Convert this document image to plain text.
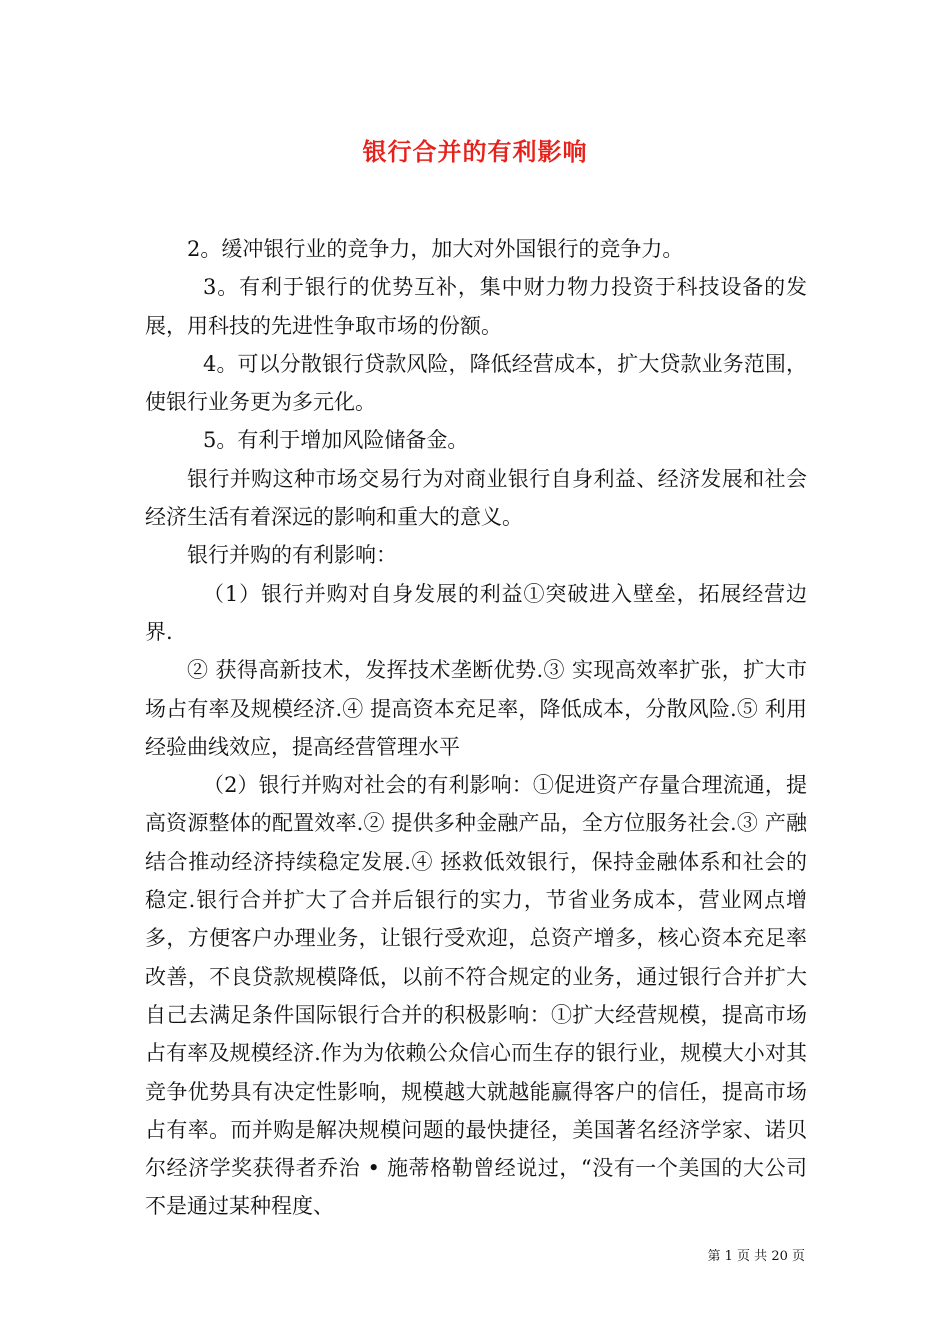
银行合并的有利影响

2。缓冲银行业的竞争力，加大对外国银行的竞争力。

3。有利于银行的优势互补，集中财力物力投资于科技设备的发展，用科技的先进性争取市场的份额。

4。可以分散银行贷款风险，降低经营成本，扩大贷款业务范围，使银行业务更为多元化。

5。有利于增加风险储备金。

银行并购这种市场交易行为对商业银行自身利益、经济发展和社会经济生活有着深远的影响和重大的意义。

银行并购的有利影响：

（1）银行并购对自身发展的利益①突破进入壁垒，拓展经营边界.

② 获得高新技术，发挥技术垄断优势.③ 实现高效率扩张，扩大市场占有率及规模经济.④ 提高资本充足率，降低成本，分散风险.⑤ 利用经验曲线效应，提高经营管理水平

（2）银行并购对社会的有利影响：①促进资产存量合理流通，提高资源整体的配置效率.② 提供多种金融产品，全方位服务社会.③ 产融结合推动经济持续稳定发展.④ 拯救低效银行，保持金融体系和社会的稳定.银行合并扩大了合并后银行的实力，节省业务成本，营业网点增多，方便客户办理业务，让银行受欢迎，总资产增多，核心资本充足率改善，不良贷款规模降低，以前不符合规定的业务，通过银行合并扩大自己去满足条件国际银行合并的积极影响：①扩大经营规模，提高市场占有率及规模经济.作为为依赖公众信心而生存的银行业，规模大小对其竞争优势具有决定性影响，规模越大就越能赢得客户的信任，提高市场占有率。而并购是解决规模问题的最快捷径，美国著名经济学家、诺贝尔经济学奖获得者乔治 • 施蒂格勒曾经说过，“没有一个美国的大公司不是通过某种程度、

第 1 页 共 20 页
